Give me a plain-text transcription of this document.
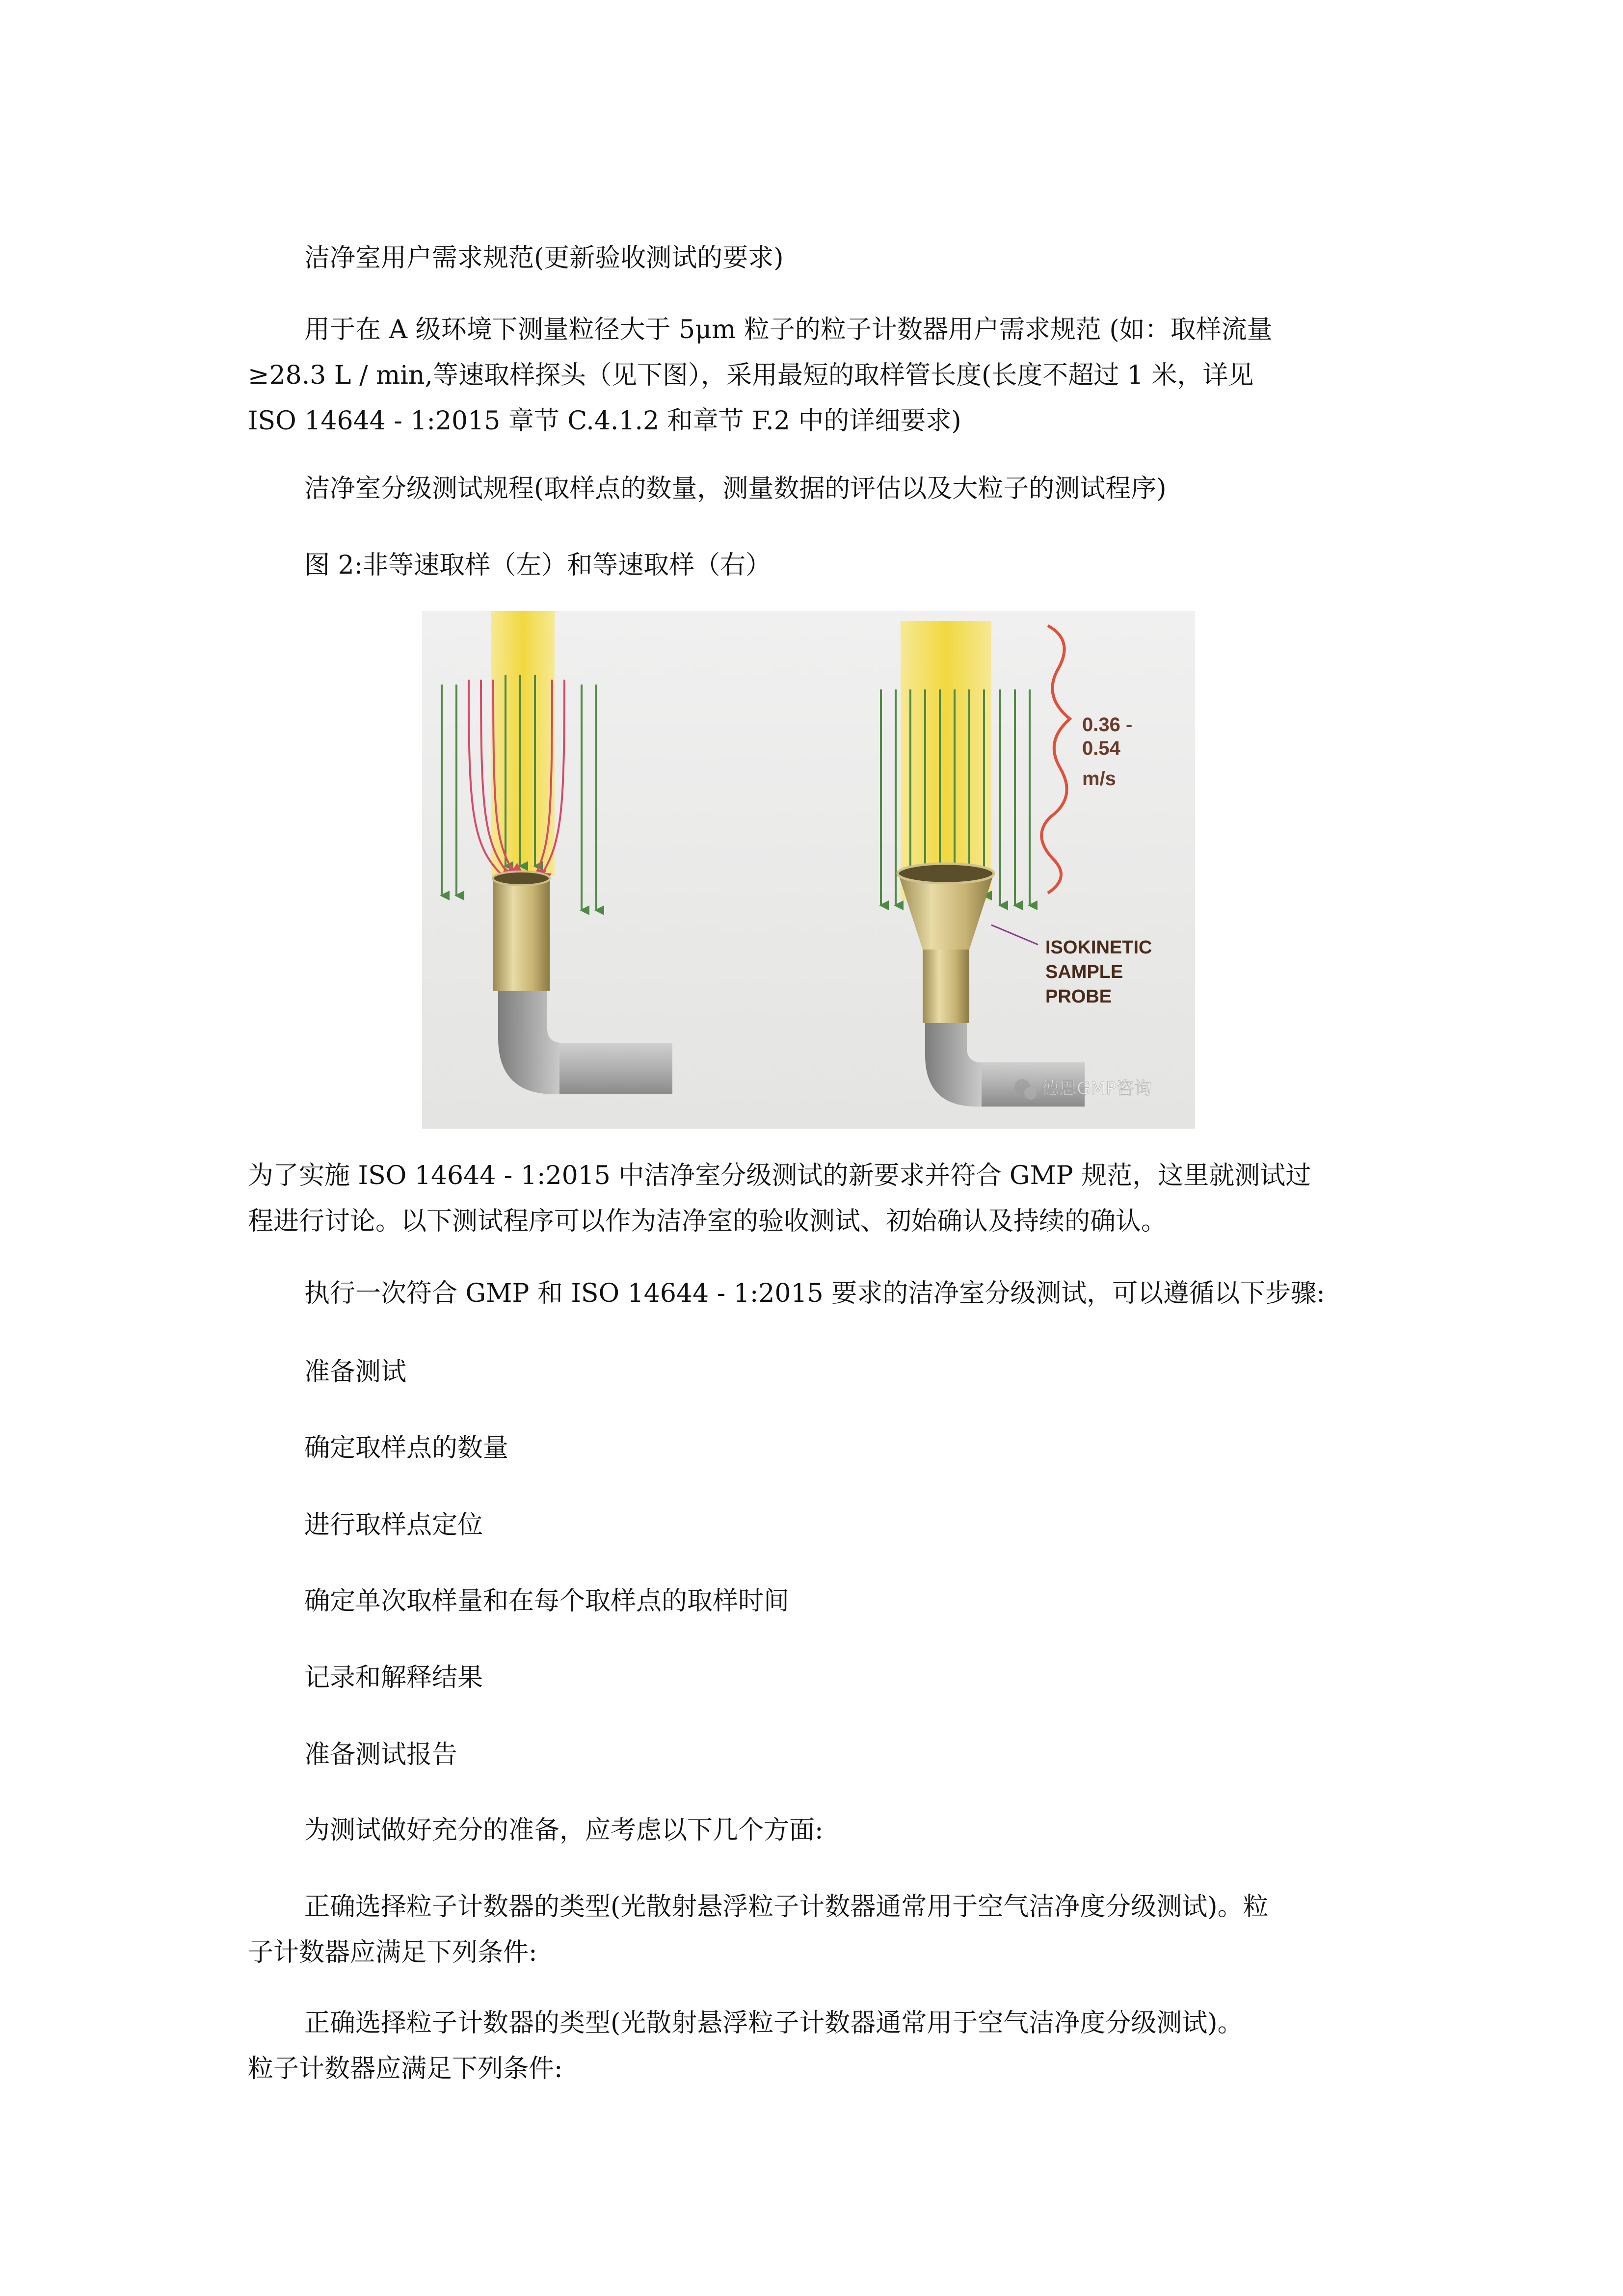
洁净室用户需求规范(更新验收测试的要求)

用于在 A 级环境下测量粒径大于 5μm 粒子的粒子计数器用户需求规范 (如：取样流量

≥28.3 L / min,等速取样探头（见下图），采用最短的取样管长度(长度不超过 1 米，详见

ISO 14644 - 1:2015 章节 C.4.1.2 和章节 F.2 中的详细要求)

洁净室分级测试规程(取样点的数量，测量数据的评估以及大粒子的测试程序)

图 2:非等速取样（左）和等速取样（右）

0.36 -
0.54
m/s
ISOKINETIC
SAMPLE
PROBE
德恩GMP咨询

为了实施 ISO 14644 - 1:2015 中洁净室分级测试的新要求并符合 GMP 规范，这里就测试过

程进行讨论。以下测试程序可以作为洁净室的验收测试、初始确认及持续的确认。

执行一次符合 GMP 和 ISO 14644 - 1:2015 要求的洁净室分级测试，可以遵循以下步骤:

准备测试

确定取样点的数量

进行取样点定位

确定单次取样量和在每个取样点的取样时间

记录和解释结果

准备测试报告

为测试做好充分的准备，应考虑以下几个方面:

正确选择粒子计数器的类型(光散射悬浮粒子计数器通常用于空气洁净度分级测试)。粒

子计数器应满足下列条件:

正确选择粒子计数器的类型(光散射悬浮粒子计数器通常用于空气洁净度分级测试)。

粒子计数器应满足下列条件:
